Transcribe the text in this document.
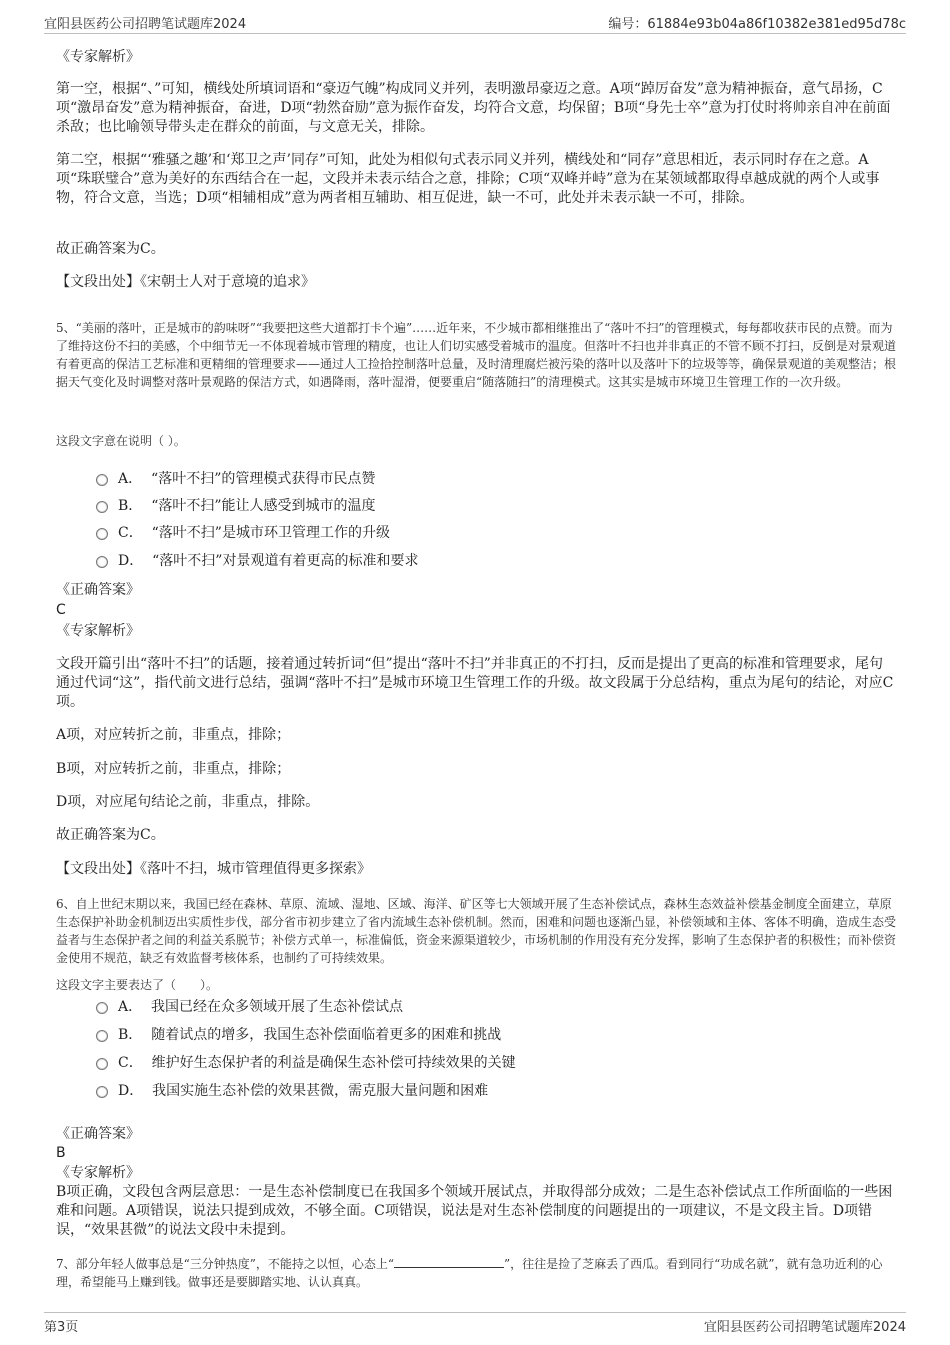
宜阳县医药公司招聘笔试题库2024	编号：61884e93b04a86f10382e381ed95d78c
《专家解析》
第一空，根据“、”可知，横线处所填词语和“豪迈气魄”构成同义并列，表明激昂豪迈之意。A项“踔厉奋发”意为精神振奋，意气昂扬，C项“激昂奋发”意为精神振奋，奋进，D项“勃然奋励”意为振作奋发，均符合文意，均保留；B项“身先士卒”意为打仗时将帅亲自冲在前面杀敌；也比喻领导带头走在群众的前面，与文意无关，排除。
第二空，根据“‘雅骚之趣’和‘郑卫之声’同存”可知，此处为相似句式表示同义并列，横线处和“同存”意思相近，表示同时存在之意。A项“珠联璧合”意为美好的东西结合在一起，文段并未表示结合之意，排除；C项“双峰并峙”意为在某领域都取得卓越成就的两个人或事物，符合文意，当选；D项“相辅相成”意为两者相互辅助、相互促进，缺一不可，此处并未表示缺一不可，排除。
故正确答案为C。
【文段出处】《宋朝士人对于意境的追求》
5、“美丽的落叶，正是城市的韵味呀”“我要把这些大道都打卡个遍”……近年来，不少城市都相继推出了“落叶不扫”的管理模式，每每都收获市民的点赞。而为了维持这份不扫的美感，个中细节无一不体现着城市管理的精度，也让人们切实感受着城市的温度。但落叶不扫也并非真正的不管不顾不打扫，反倒是对景观道有着更高的保洁工艺标准和更精细的管理要求——通过人工捡拾控制落叶总量，及时清理腐烂被污染的落叶以及落叶下的垃圾等等，确保景观道的美观整洁；根据天气变化及时调整对落叶景观路的保洁方式，如遇降雨，落叶湿滑，便要重启“随落随扫”的清理模式。这其实是城市环境卫生管理工作的一次升级。
这段文字意在说明（ ）。
A． “落叶不扫”的管理模式获得市民点赞
B． “落叶不扫”能让人感受到城市的温度
C． “落叶不扫”是城市环卫管理工作的升级
D． “落叶不扫”对景观道有着更高的标准和要求
《正确答案》
C
《专家解析》
文段开篇引出“落叶不扫”的话题，接着通过转折词“但”提出“落叶不扫”并非真正的不打扫，反而是提出了更高的标准和管理要求，尾句通过代词“这”，指代前文进行总结，强调“落叶不扫”是城市环境卫生管理工作的升级。故文段属于分总结构，重点为尾句的结论，对应C项。
A项，对应转折之前，非重点，排除；
B项，对应转折之前，非重点，排除；
D项，对应尾句结论之前，非重点，排除。
故正确答案为C。
【文段出处】《落叶不扫，城市管理值得更多探索》
6、自上世纪末期以来，我国已经在森林、草原、流域、湿地、区域、海洋、矿区等七大领域开展了生态补偿试点，森林生态效益补偿基金制度全面建立，草原生态保护补助金机制迈出实质性步伐，部分省市初步建立了省内流域生态补偿机制。然而，困难和问题也逐渐凸显，补偿领域和主体、客体不明确，造成生态受益者与生态保护者之间的利益关系脱节；补偿方式单一，标准偏低，资金来源渠道较少，市场机制的作用没有充分发挥，影响了生态保护者的积极性；而补偿资金使用不规范，缺乏有效监督考核体系，也制约了可持续效果。
这段文字主要表达了（　　）。
A． 我国已经在众多领域开展了生态补偿试点
B． 随着试点的增多，我国生态补偿面临着更多的困难和挑战
C． 维护好生态保护者的利益是确保生态补偿可持续效果的关键
D． 我国实施生态补偿的效果甚微，需克服大量问题和困难
《正确答案》
B
《专家解析》
B项正确，文段包含两层意思：一是生态补偿制度已在我国多个领域开展试点，并取得部分成效；二是生态补偿试点工作所面临的一些困难和问题。A项错误，说法只提到成效，不够全面。C项错误，说法是对生态补偿制度的问题提出的一项建议，不是文段主旨。D项错误，“效果甚微”的说法文段中未提到。
7、部分年轻人做事总是“三分钟热度”，不能持之以恒，心态上“	”，往往是捡了芝麻丢了西瓜。看到同行“功成名就”，就有急功近利的心理，希望能马上赚到钱。做事还是要脚踏实地、认认真真。
第3页	宜阳县医药公司招聘笔试题库2024
